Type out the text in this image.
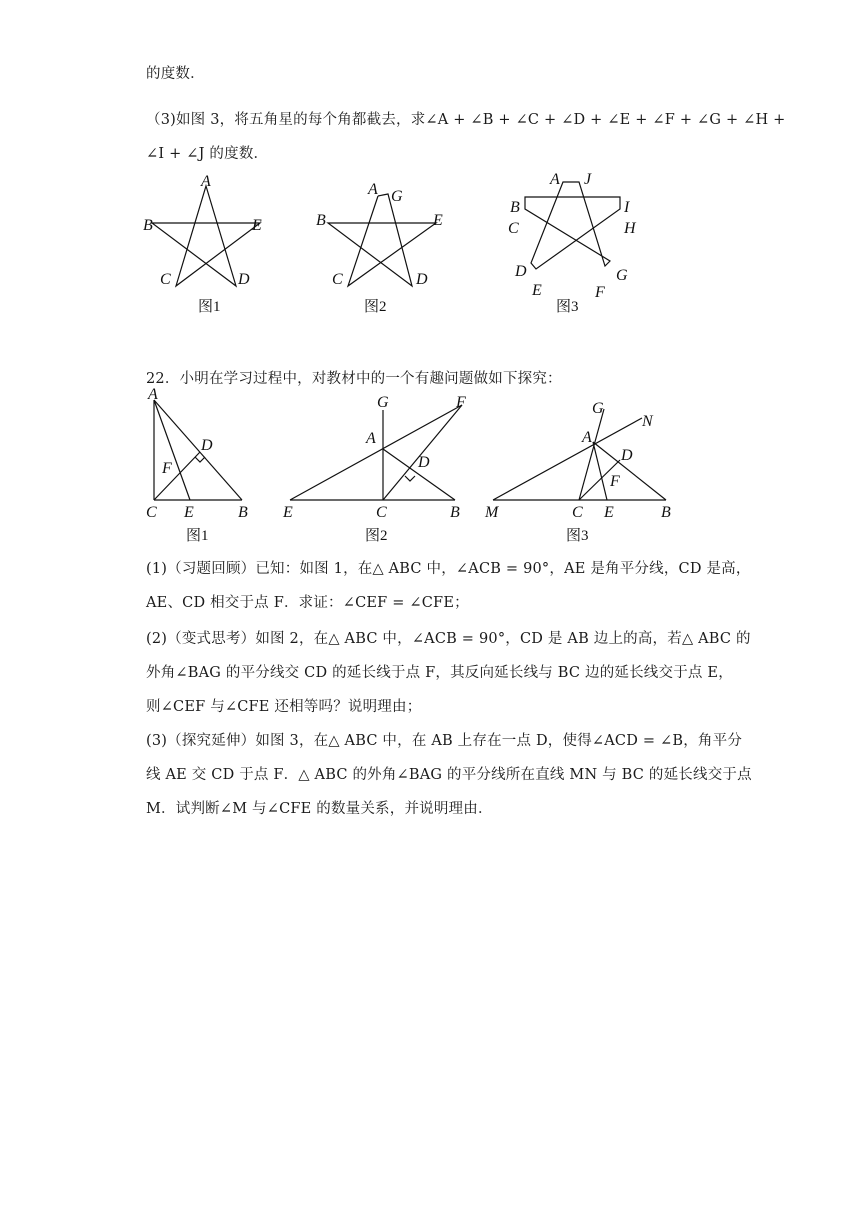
的度数．
（3)如图 3，将五角星的每个角都截去，求∠A + ∠B + ∠C + ∠D + ∠E + ∠F + ∠G + ∠H +
∠I + ∠J 的度数．
A
B	E
C	D
图1
A G
B	E
C	D
图2
A J
B	I
C	H
D	G
E	F
图3
22．小明在学习过程中，对教材中的一个有趣问题做如下探究：
A
D
F
C E	B
图1
G	F
A
D
E	C	B
图2
G
N
A
D
F
M	C E	B
图3
(1)（习题回顾）已知：如图 1，在△ ABC 中，∠ACB = 90°，AE 是角平分线，CD 是高，
AE、CD 相交于点 F．求证：∠CEF = ∠CFE；
(2)（变式思考）如图 2，在△ ABC 中，∠ACB = 90°，CD 是 AB 边上的高，若△ ABC 的
外角∠BAG 的平分线交 CD 的延长线于点 F，其反向延长线与 BC 边的延长线交于点 E，
则∠CEF 与∠CFE 还相等吗？说明理由；
(3)（探究延伸）如图 3，在△ ABC 中，在 AB 上存在一点 D，使得∠ACD = ∠B，角平分
线 AE 交 CD 于点 F．△ ABC 的外角∠BAG 的平分线所在直线 MN 与 BC 的延长线交于点
M．试判断∠M 与∠CFE 的数量关系，并说明理由．
